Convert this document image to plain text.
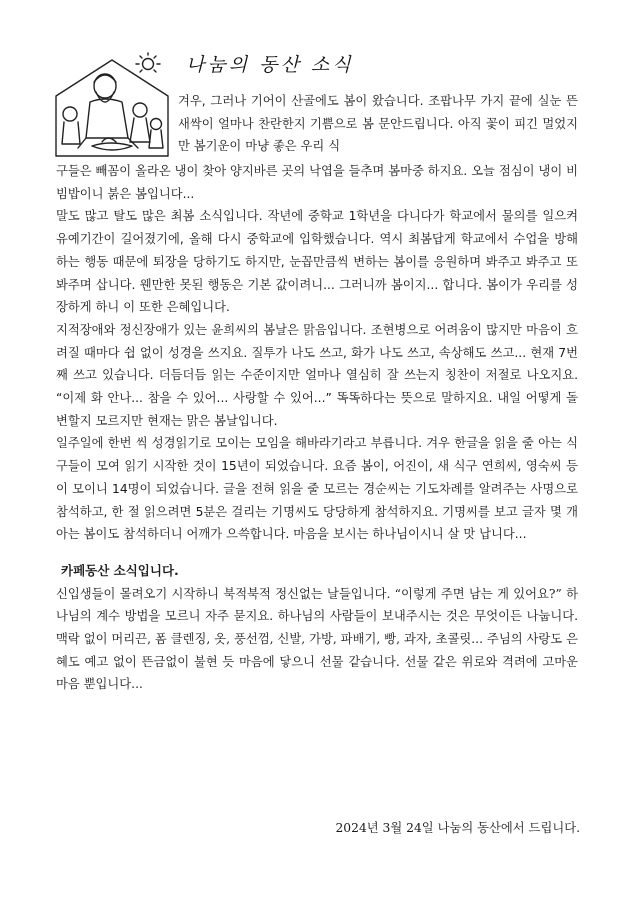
나눔의 동산 소식

겨우, 그러나 기어이 산골에도 봄이 왔습니다. 조팝나무 가지 끝에 실눈 뜬 새싹이 얼마나 찬란한지 기쁨으로 봄 문안드립니다. 아직 꽃이 피긴 멀었지만 봄기운이 마냥 좋은 우리 식

구들은 빼꼼이 올라온 냉이 찾아 양지바른 곳의 낙엽을 들추며 봄마중 하지요. 오늘 점심이 냉이 비빔밥이니 붉은 봄입니다...

말도 많고 탈도 많은 최봄 소식입니다. 작년에 중학교 1학년을 다니다가 학교에서 물의를 일으켜 유예기간이 길어졌기에, 올해 다시 중학교에 입학했습니다. 역시 최봄답게 학교에서 수업을 방해하는 행동 때문에 퇴장을 당하기도 하지만, 눈꼽만큼씩 변하는 봄이를 응원하며 봐주고 봐주고 또 봐주며 삽니다. 웬만한 못된 행동은 기본 값이려니... 그러니까 봄이지... 합니다. 봄이가 우리를 성장하게 하니 이 또한 은혜입니다.

지적장애와 정신장애가 있는 윤희씨의 봄날은 맑음입니다. 조현병으로 어려움이 많지만 마음이 흐려질 때마다 쉽 없이 성경을 쓰지요. 질투가 나도 쓰고, 화가 나도 쓰고, 속상해도 쓰고... 현재 7번째 쓰고 있습니다. 더듬더듬 읽는 수준이지만 얼마나 열심히 잘 쓰는지 칭찬이 저절로 나오지요. “이제 화 안나... 참을 수 있어... 사랑할 수 있어...” 똑똑하다는 뜻으로 말하지요. 내일 어떻게 돌변할지 모르지만 현재는 맑은 봄날입니다.

일주일에 한번 씩 성경읽기로 모이는 모임을 해바라기라고 부릅니다. 겨우 한글을 읽을 줄 아는 식구들이 모여 읽기 시작한 것이 15년이 되었습니다. 요즘 봄이, 어진이, 새 식구 연희씨, 영숙씨 등이 모이니 14명이 되었습니다. 글을 전혀 읽을 줄 모르는 경순씨는 기도차례를 알려주는 사명으로 참석하고, 한 절 읽으려면 5분은 걸리는 기명씨도 당당하게 참석하지요. 기명씨를 보고 글자 몇 개 아는 봄이도 참석하더니 어깨가 으쓱합니다. 마음을 보시는 하나님이시니 살 맛 납니다...

카페동산 소식입니다.

신입생들이 몰려오기 시작하니 북적북적 정신없는 날들입니다. “이렇게 주면 남는 게 있어요?” 하나님의 계수 방법을 모르니 자주 묻지요. 하나님의 사람들이 보내주시는 것은 무엇이든 나눕니다. 맥락 없이 머리끈, 폼 클렌징, 옷, 풍선껌, 신발, 가방, 파배기, 빵, 과자, 초콜릿... 주님의 사랑도 은혜도 예고 없이 뜬금없이 불현 듯 마음에 닿으니 선물 같습니다. 선물 같은 위로와 격려에 고마운 마음 뿐입니다...

2024년 3월 24일 나눔의 동산에서 드립니다.
